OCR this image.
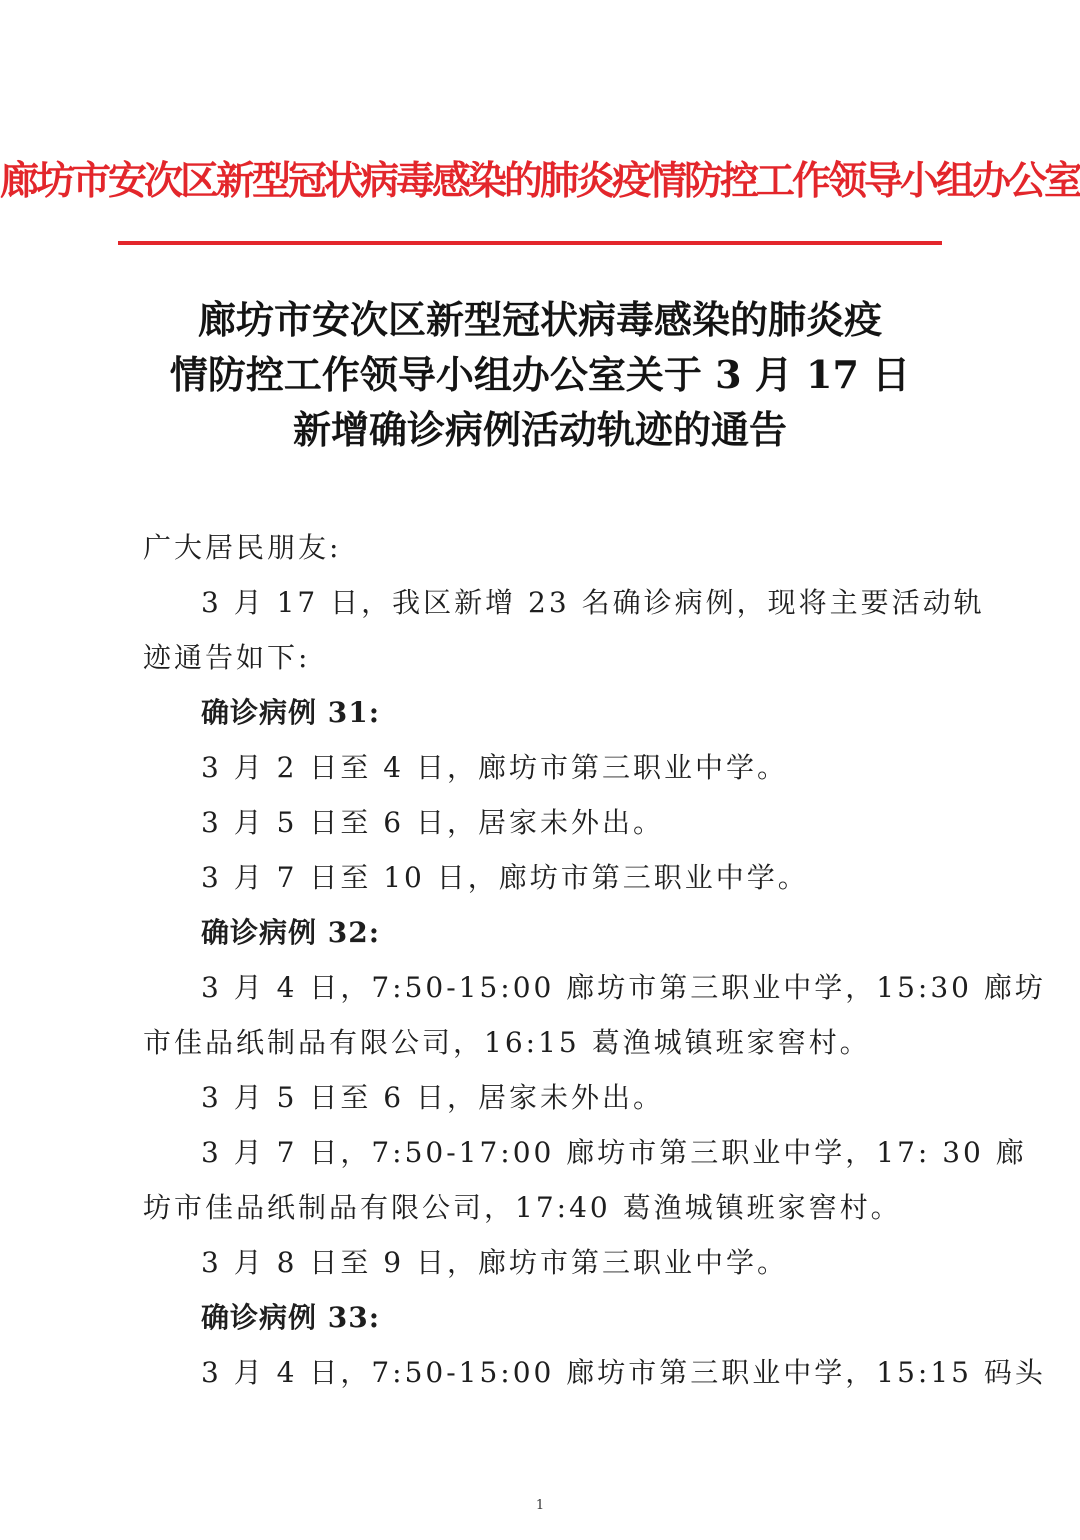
廊坊市安次区新型冠状病毒感染的肺炎疫情防控工作领导小组办公室
廊坊市安次区新型冠状病毒感染的肺炎疫
情防控工作领导小组办公室关于 3 月 17 日
新增确诊病例活动轨迹的通告

广大居民朋友:

3 月 17 日，我区新增 23 名确诊病例，现将主要活动轨

迹通告如下:

确诊病例 31:

3 月 2 日至 4 日，廊坊市第三职业中学。

3 月 5 日至 6 日，居家未外出。

3 月 7 日至 10 日，廊坊市第三职业中学。

确诊病例 32:

3 月 4 日，7:50-15:00 廊坊市第三职业中学，15:30 廊坊

市佳品纸制品有限公司，16:15 葛渔城镇班家窖村。

3 月 5 日至 6 日，居家未外出。

3 月 7 日，7:50-17:00 廊坊市第三职业中学，17: 30 廊

坊市佳品纸制品有限公司，17:40 葛渔城镇班家窖村。

3 月 8 日至 9 日，廊坊市第三职业中学。

确诊病例 33:

3 月 4 日，7:50-15:00 廊坊市第三职业中学，15:15 码头

1
